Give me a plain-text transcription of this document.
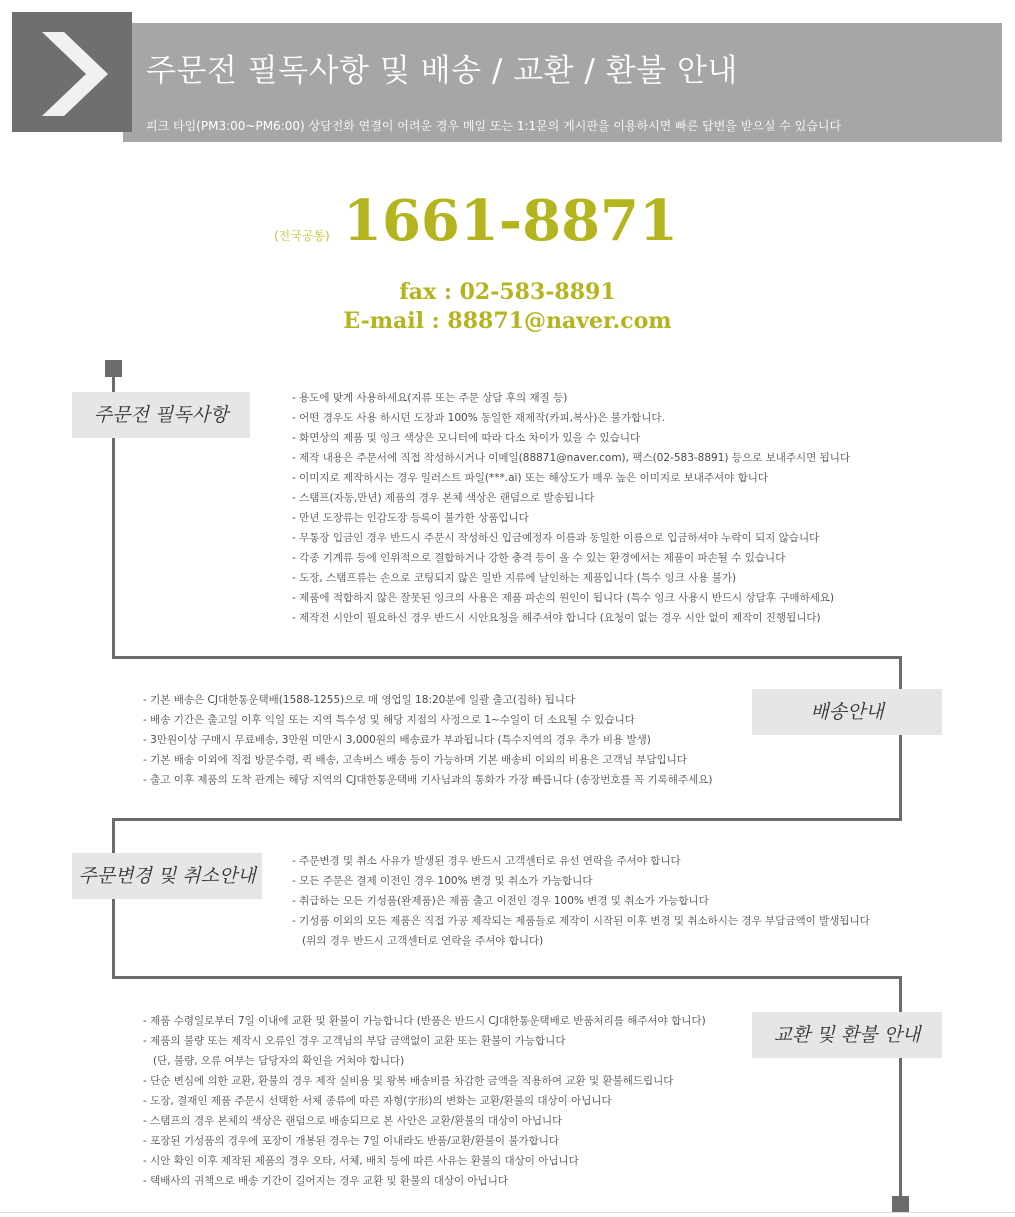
주문전 필독사항 및 배송 / 교환 / 환불 안내
피크 타임(PM3:00~PM6:00) 상담전화 연결이 어려운 경우 메일 또는 1:1문의 게시판을 이용하시면 빠른 답변을 받으실 수 있습니다
(전국공통) 1661-8871
fax : 02-583-8891
E-mail : 88871@naver.com
주문전 필독사항
- 용도에 맞게 사용하세요(지류 또는 주문 상담 후의 재질 등)
- 어떤 경우도 사용 하시던 도장과 100% 동일한 재제작(카피,복사)은 불가합니다.
- 화면상의 제품 및 잉크 색상은 모니터에 따라 다소 차이가 있을 수 있습니다
- 제작 내용은 주문서에 직접 작성하시거나 이메일(88871@naver.com), 팩스(02-583-8891) 등으로 보내주시면 됩니다
- 이미지로 제작하시는 경우 일러스트 파일(***.ai) 또는 해상도가 매우 높은 이미지로 보내주셔야 합니다
- 스탬프(자동,만년) 제품의 경우 본체 색상은 랜덤으로 발송됩니다
- 만년 도장류는 인감도장 등록이 불가한 상품입니다
- 무통장 입금인 경우 반드시 주문시 작성하신 입금예정자 이름과 동일한 이름으로 입금하셔야 누락이 되지 않습니다
- 각종 기계류 등에 인위적으로 결합하거나 강한 충격 등이 올 수 있는 환경에서는 제품이 파손될 수 있습니다
- 도장, 스탬프류는 손으로 코팅되지 않은 일반 지류에 날인하는 제품입니다 (특수 잉크 사용 불가)
- 제품에 적합하지 않은 잘못된 잉크의 사용은 제품 파손의 원인이 됩니다 (특수 잉크 사용시 반드시 상담후 구매하세요)
- 제작전 시안이 필요하신 경우 반드시 시안요청을 해주셔야 합니다 (요청이 없는 경우 시안 없이 제작이 진행됩니다)
배송안내
- 기본 배송은 CJ대한통운택배(1588-1255)으로 매 영업일 18:20분에 일괄 출고(집하) 됩니다
- 배송 기간은 출고일 이후 익일 또는 지역 특수성 및 해당 지점의 사정으로 1~수일이 더 소요될 수 있습니다
- 3만원이상 구매시 무료배송, 3만원 미만시 3,000원의 배송료가 부과됩니다 (특수지역의 경우 추가 비용 발생)
- 기본 배송 이외에 직접 방문수령, 퀵 배송, 고속버스 배송 등이 가능하며 기본 배송비 이외의 비용은 고객님 부담입니다
- 출고 이후 제품의 도착 관계는 해당 지역의 CJ대한통운택배 기사님과의 통화가 가장 빠릅니다 (송장번호를 꼭 기록해주세요)
주문변경 및 취소안내
- 주문변경 및 취소 사유가 발생된 경우 반드시 고객센터로 유선 연락을 주셔야 합니다
- 모든 주문은 결제 이전인 경우 100% 변경 및 취소가 가능합니다
- 취급하는 모든 기성품(완제품)은 제품 출고 이전인 경우 100% 변경 및 취소가 가능합니다
- 기성품 이외의 모든 제품은 직접 가공 제작되는 제품들로 제작이 시작된 이후 변경 및 취소하시는 경우 부담금액이 발생됩니다
(위의 경우 반드시 고객센터로 연락을 주셔야 합니다)
교환 및 환불 안내
- 제품 수령일로부터 7일 이내에 교환 및 환불이 가능합니다 (반품은 반드시 CJ대한통운택배로 반품처리를 해주셔야 합니다)
- 제품의 불량 또는 제작시 오류인 경우 고객님의 부담 금액없이 교환 또는 환불이 가능합니다
(단, 불량, 오류 여부는 담당자의 확인을 거쳐야 합니다)
- 단순 변심에 의한 교환, 환불의 경우 제작 실비용 및 왕복 배송비를 차감한 금액을 적용하여 교환 및 환불해드립니다
- 도장, 결재인 제품 주문시 선택한 서체 종류에 따른 자형(字形)의 변화는 교환/환불의 대상이 아닙니다
- 스탬프의 경우 본체의 색상은 랜덤으로 배송되므로 본 사안은 교환/환불의 대상이 아닙니다
- 포장된 기성품의 경우에 포장이 개봉된 경우는 7일 이내라도 반품/교환/환불이 불가합니다
- 시안 확인 이후 제작된 제품의 경우 오타, 서체, 배치 등에 따른 사유는 환불의 대상이 아닙니다
- 택배사의 귀책으로 배송 기간이 길어지는 경우 교환 및 환불의 대상이 아닙니다
